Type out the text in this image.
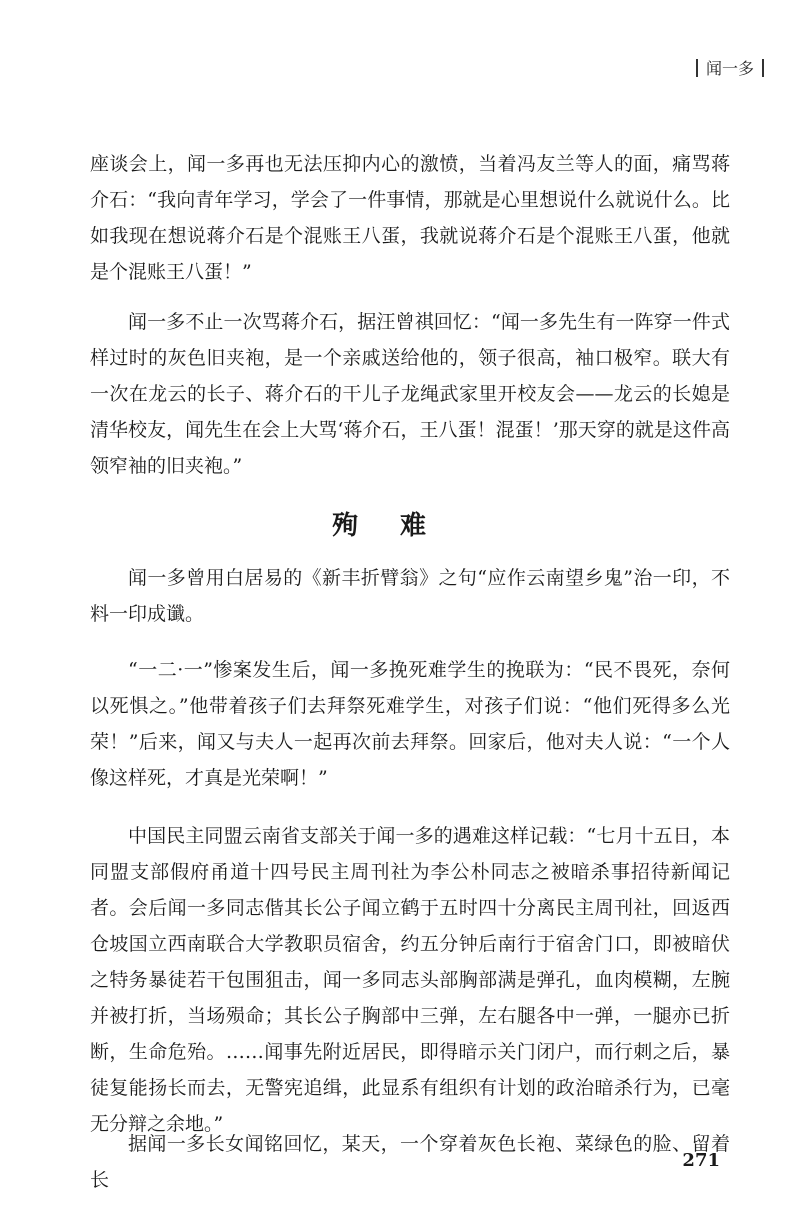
闻一多

座谈会上，闻一多再也无法压抑内心的激愤，当着冯友兰等人的面，痛骂蒋介石：“我向青年学习，学会了一件事情，那就是心里想说什么就说什么。比如我现在想说蒋介石是个混账王八蛋，我就说蒋介石是个混账王八蛋，他就是个混账王八蛋！”

闻一多不止一次骂蒋介石，据汪曾祺回忆：“闻一多先生有一阵穿一件式样过时的灰色旧夹袍，是一个亲戚送给他的，领子很高，袖口极窄。联大有一次在龙云的长子、蒋介石的干儿子龙绳武家里开校友会——龙云的长媳是清华校友，闻先生在会上大骂‘蒋介石，王八蛋！混蛋！’那天穿的就是这件高领窄袖的旧夹袍。”

殉难

闻一多曾用白居易的《新丰折臂翁》之句“应作云南望乡鬼”治一印，不料一印成谶。

“一二·一”惨案发生后，闻一多挽死难学生的挽联为：“民不畏死，奈何以死惧之。”他带着孩子们去拜祭死难学生，对孩子们说：“他们死得多么光荣！”后来，闻又与夫人一起再次前去拜祭。回家后，他对夫人说：“一个人像这样死，才真是光荣啊！”

中国民主同盟云南省支部关于闻一多的遇难这样记载：“七月十五日，本同盟支部假府甬道十四号民主周刊社为李公朴同志之被暗杀事招待新闻记者。会后闻一多同志偕其长公子闻立鹤于五时四十分离民主周刊社，回返西仓坡国立西南联合大学教职员宿舍，约五分钟后南行于宿舍门口，即被暗伏之特务暴徒若干包围狙击，闻一多同志头部胸部满是弹孔，血肉模糊，左腕并被打折，当场殒命；其长公子胸部中三弹，左右腿各中一弹，一腿亦已折断，生命危殆。……闻事先附近居民，即得暗示关门闭户，而行刺之后，暴徒复能扬长而去，无警宪追缉，此显系有组织有计划的政治暗杀行为，已毫无分辩之余地。”

据闻一多长女闻铭回忆，某天，一个穿着灰色长袍、菜绿色的脸、留着长

271
